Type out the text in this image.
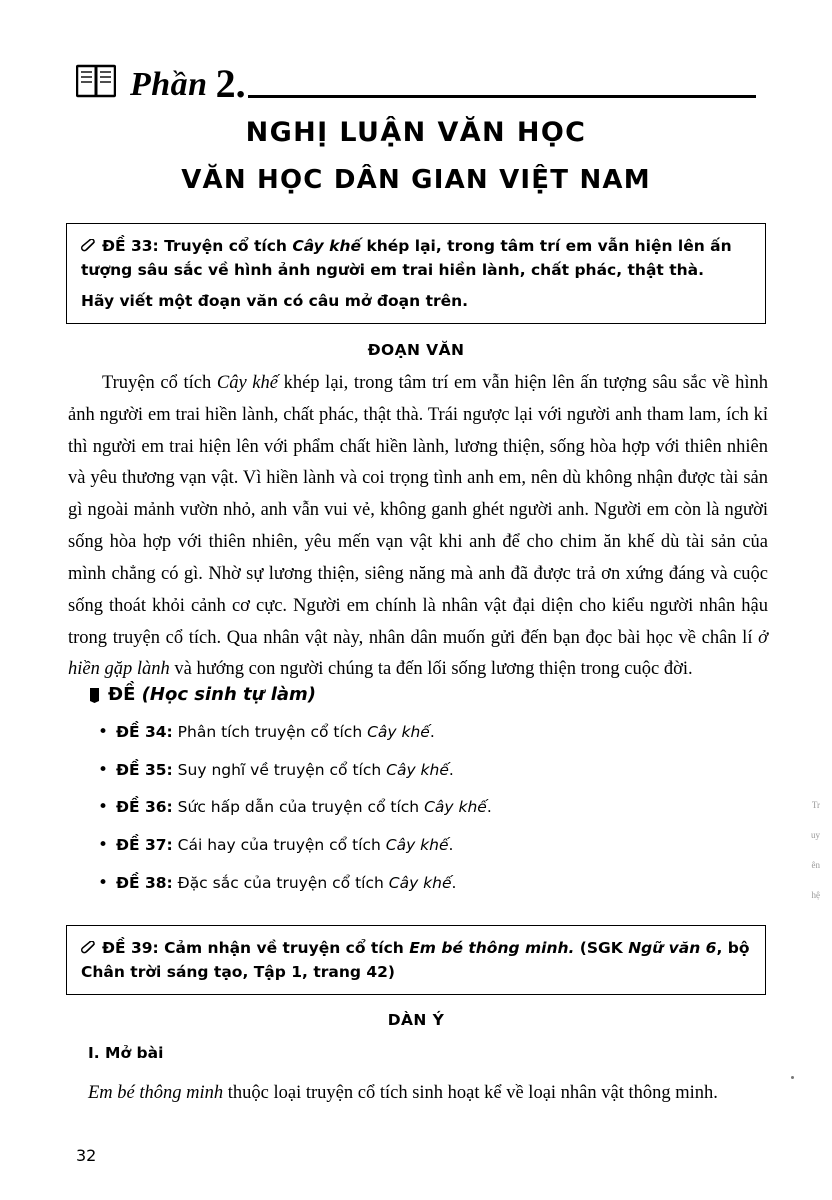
Phần 2.
NGHỊ LUẬN VĂN HỌC
VĂN HỌC DÂN GIAN VIỆT NAM
ĐỀ 33: Truyện cổ tích Cây khế khép lại, trong tâm trí em vẫn hiện lên ấn tượng sâu sắc về hình ảnh người em trai hiền lành, chất phác, thật thà.
Hãy viết một đoạn văn có câu mở đoạn trên.
ĐOẠN VĂN
Truyện cổ tích Cây khế khép lại, trong tâm trí em vẫn hiện lên ấn tượng sâu sắc về hình ảnh người em trai hiền lành, chất phác, thật thà. Trái ngược lại với người anh tham lam, ích kỉ thì người em trai hiện lên với phẩm chất hiền lành, lương thiện, sống hòa hợp với thiên nhiên và yêu thương vạn vật. Vì hiền lành và coi trọng tình anh em, nên dù không nhận được tài sản gì ngoài mảnh vườn nhỏ, anh vẫn vui vẻ, không ganh ghét người anh. Người em còn là người sống hòa hợp với thiên nhiên, yêu mến vạn vật khi anh để cho chim ăn khế dù tài sản của mình chẳng có gì. Nhờ sự lương thiện, siêng năng mà anh đã được trả ơn xứng đáng và cuộc sống thoát khỏi cảnh cơ cực. Người em chính là nhân vật đại diện cho kiểu người nhân hậu trong truyện cổ tích. Qua nhân vật này, nhân dân muốn gửi đến bạn đọc bài học về chân lí ở hiền gặp lành và hướng con người chúng ta đến lối sống lương thiện trong cuộc đời.
ĐỀ (Học sinh tự làm)
• ĐỀ 34: Phân tích truyện cổ tích Cây khế.
• ĐỀ 35: Suy nghĩ về truyện cổ tích Cây khế.
• ĐỀ 36: Sức hấp dẫn của truyện cổ tích Cây khế.
• ĐỀ 37: Cái hay của truyện cổ tích Cây khế.
• ĐỀ 38: Đặc sắc của truyện cổ tích Cây khế.
ĐỀ 39: Cảm nhận về truyện cổ tích Em bé thông minh. (SGK Ngữ văn 6, bộ Chân trời sáng tạo, Tập 1, trang 42)
DÀN Ý
I. Mở bài
Em bé thông minh thuộc loại truyện cổ tích sinh hoạt kể về loại nhân vật thông minh.
32
Tr
uy
ên
hệ
